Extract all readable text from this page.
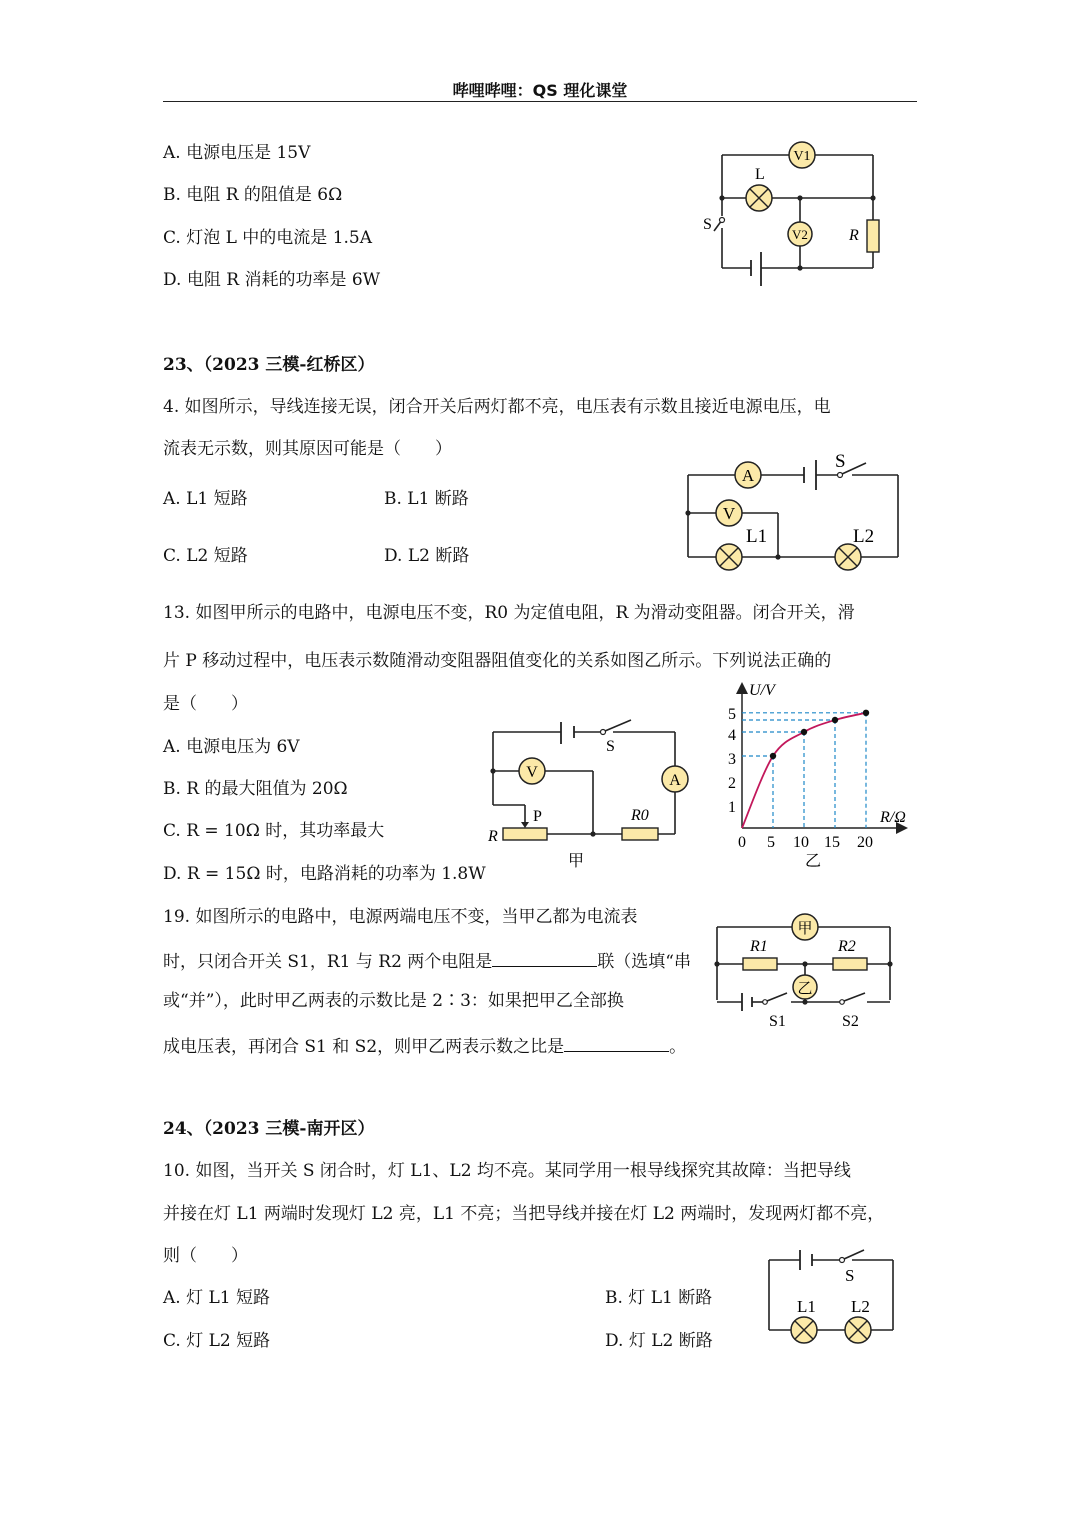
哔哩哔哩：QS 理化课堂
A. 电源电压是 15V
B. 电阻 R 的阻值是 6Ω
C. 灯泡 L 中的电流是 1.5A
D. 电阻 R 消耗的功率是 6W
V1
L
S
V2	R
23、（2023 三模-红桥区）
4. 如图所示，导线连接无误，闭合开关后两灯都不亮，电压表有示数且接近电源电压，电
流表无示数，则其原因可能是（　　）
A. L1 短路	B. L1 断路
C. L2 短路	D. L2 断路
A
S
V
L1	L2
13. 如图甲所示的电路中，电源电压不变，R0 为定值电阻，R 为滑动变阻器。闭合开关，滑
片 P 移动过程中，电压表示数随滑动变阻器阻值变化的关系如图乙所示。下列说法正确的
是（　　）
A. 电源电压为 6V
B. R 的最大阻值为 20Ω
C. R = 10Ω 时，其功率最大
D. R = 15Ω 时，电路消耗的功率为 1.8W
S
V	A
P
R
R0
甲
U/V
R/Ω
0 5 10 15 20
1
2
3
4
5
乙
19. 如图所示的电路中，电源两端电压不变，当甲乙都为电流表
时，只闭合开关 S1，R1 与 R2 两个电阻是	联（选填“串
或“并”），此时甲乙两表的示数比是 2∶3：如果把甲乙全部换
成电压表，再闭合 S1 和 S2，则甲乙两表示数之比是	。
甲
R1	R2
乙
S1	S2
24、（2023 三模-南开区）
10. 如图，当开关 S 闭合时，灯 L1、L2 均不亮。某同学用一根导线探究其故障：当把导线
并接在灯 L1 两端时发现灯 L2 亮，L1 不亮；当把导线并接在灯 L2 两端时，发现两灯都不亮，
则（　　）
A. 灯 L1 短路	B. 灯 L1 断路
C. 灯 L2 短路	D. 灯 L2 断路
S
L1 L2
